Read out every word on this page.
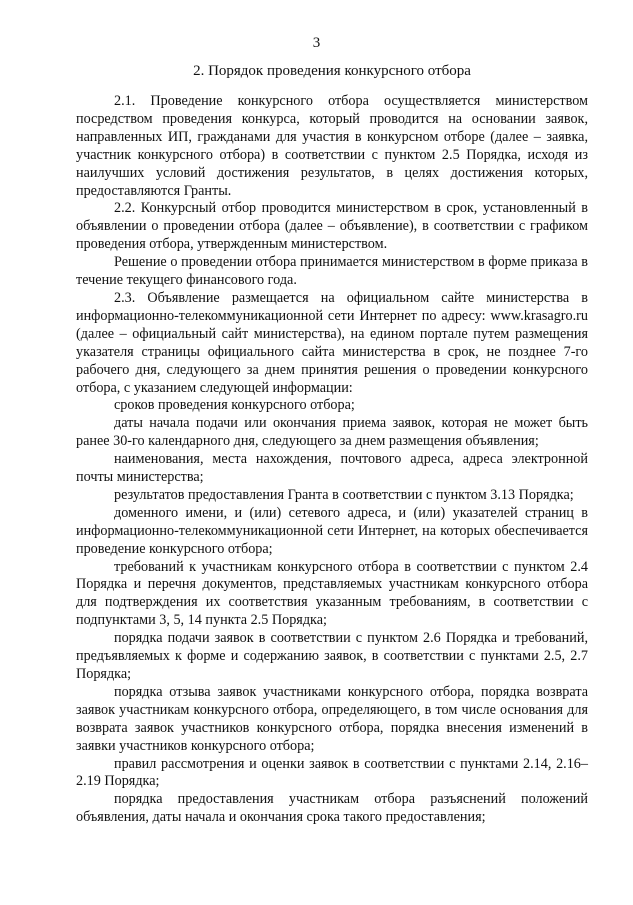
3
2. Порядок проведения конкурсного отбора

2.1. Проведение конкурсного отбора осуществляется министерством посредством проведения конкурса, который проводится на основании заявок, направленных ИП, гражданами для участия в конкурсном отборе (далее – заявка, участник конкурсного отбора) в соответствии с пунктом 2.5 Порядка, исходя из наилучших условий достижения результатов, в целях достижения которых, предоставляются Гранты.

2.2. Конкурсный отбор проводится министерством в срок, установленный в объявлении о проведении отбора (далее – объявление), в соответствии с графиком проведения отбора, утвержденным министерством.

Решение о проведении отбора принимается министерством в форме приказа в течение текущего финансового года.

2.3. Объявление размещается на официальном сайте министерства в информационно-телекоммуникационной сети Интернет по адресу: www.krasagro.ru (далее – официальный сайт министерства), на едином портале путем размещения указателя страницы официального сайта министерства в срок, не позднее 7-го рабочего дня, следующего за днем принятия решения о проведении конкурсного отбора, с указанием следующей информации:

сроков проведения конкурсного отбора;

даты начала подачи или окончания приема заявок, которая не может быть ранее 30-го календарного дня, следующего за днем размещения объявления;

наименования, места нахождения, почтового адреса, адреса электронной почты министерства;

результатов предоставления Гранта в соответствии с пунктом 3.13 Порядка;

доменного имени, и (или) сетевого адреса, и (или) указателей страниц в информационно-телекоммуникационной сети Интернет, на которых обеспечивается проведение конкурсного отбора;

требований к участникам конкурсного отбора в соответствии с пунктом 2.4 Порядка и перечня документов, представляемых участникам конкурсного отбора для подтверждения их соответствия указанным требованиям, в соответствии с подпунктами 3, 5, 14 пункта 2.5 Порядка;

порядка подачи заявок в соответствии с пунктом 2.6 Порядка и требований, предъявляемых к форме и содержанию заявок, в соответствии с пунктами 2.5, 2.7 Порядка;

порядка отзыва заявок участниками конкурсного отбора, порядка возврата заявок участникам конкурсного отбора, определяющего, в том числе основания для возврата заявок участников конкурсного отбора, порядка внесения изменений в заявки участников конкурсного отбора;

правил рассмотрения и оценки заявок в соответствии с пунктами 2.14, 2.16–2.19 Порядка;

порядка предоставления участникам отбора разъяснений положений объявления, даты начала и окончания срока такого предоставления;
